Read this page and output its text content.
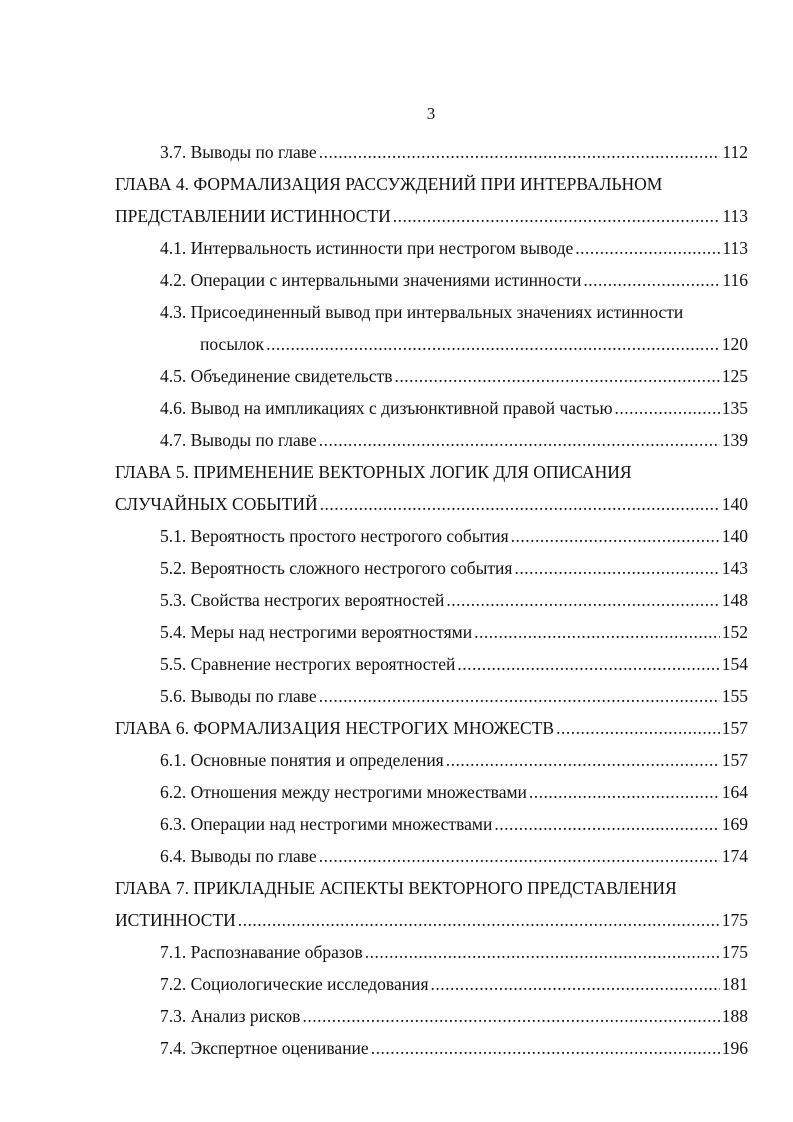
3
3.7. Выводы по главе .....	112
ГЛАВА 4. ФОРМАЛИЗАЦИЯ РАССУЖДЕНИЙ ПРИ ИНТЕРВАЛЬНОМ
ПРЕДСТАВЛЕНИИ ИСТИННОСТИ .....	113
4.1. Интервальность истинности при нестрогом выводе .....	113
4.2. Операции с интервальными значениями истинности .....	116
4.3. Присоединенный вывод при интервальных значениях истинности
посылок .....	120
4.5. Объединение свидетельств .....	125
4.6. Вывод на импликациях с дизъюнктивной правой частью .....	135
4.7. Выводы по главе .....	139
ГЛАВА 5. ПРИМЕНЕНИЕ ВЕКТОРНЫХ ЛОГИК ДЛЯ ОПИСАНИЯ
СЛУЧАЙНЫХ СОБЫТИЙ .....	140
5.1. Вероятность простого нестрогого события .....	140
5.2. Вероятность сложного нестрогого события .....	143
5.3. Свойства нестрогих вероятностей .....	148
5.4. Меры над нестрогими вероятностями .....	152
5.5. Сравнение нестрогих вероятностей .....	154
5.6. Выводы по главе .....	155
ГЛАВА 6. ФОРМАЛИЗАЦИЯ НЕСТРОГИХ МНОЖЕСТВ .....	157
6.1. Основные понятия и определения .....	157
6.2. Отношения между нестрогими множествами .....	164
6.3. Операции над нестрогими множествами .....	169
6.4. Выводы по главе .....	174
ГЛАВА 7. ПРИКЛАДНЫЕ АСПЕКТЫ ВЕКТОРНОГО ПРЕДСТАВЛЕНИЯ
ИСТИННОСТИ .....	175
7.1. Распознавание образов .....	175
7.2. Социологические исследования .....	181
7.3. Анализ рисков .....	188
7.4. Экспертное оценивание .....	196
